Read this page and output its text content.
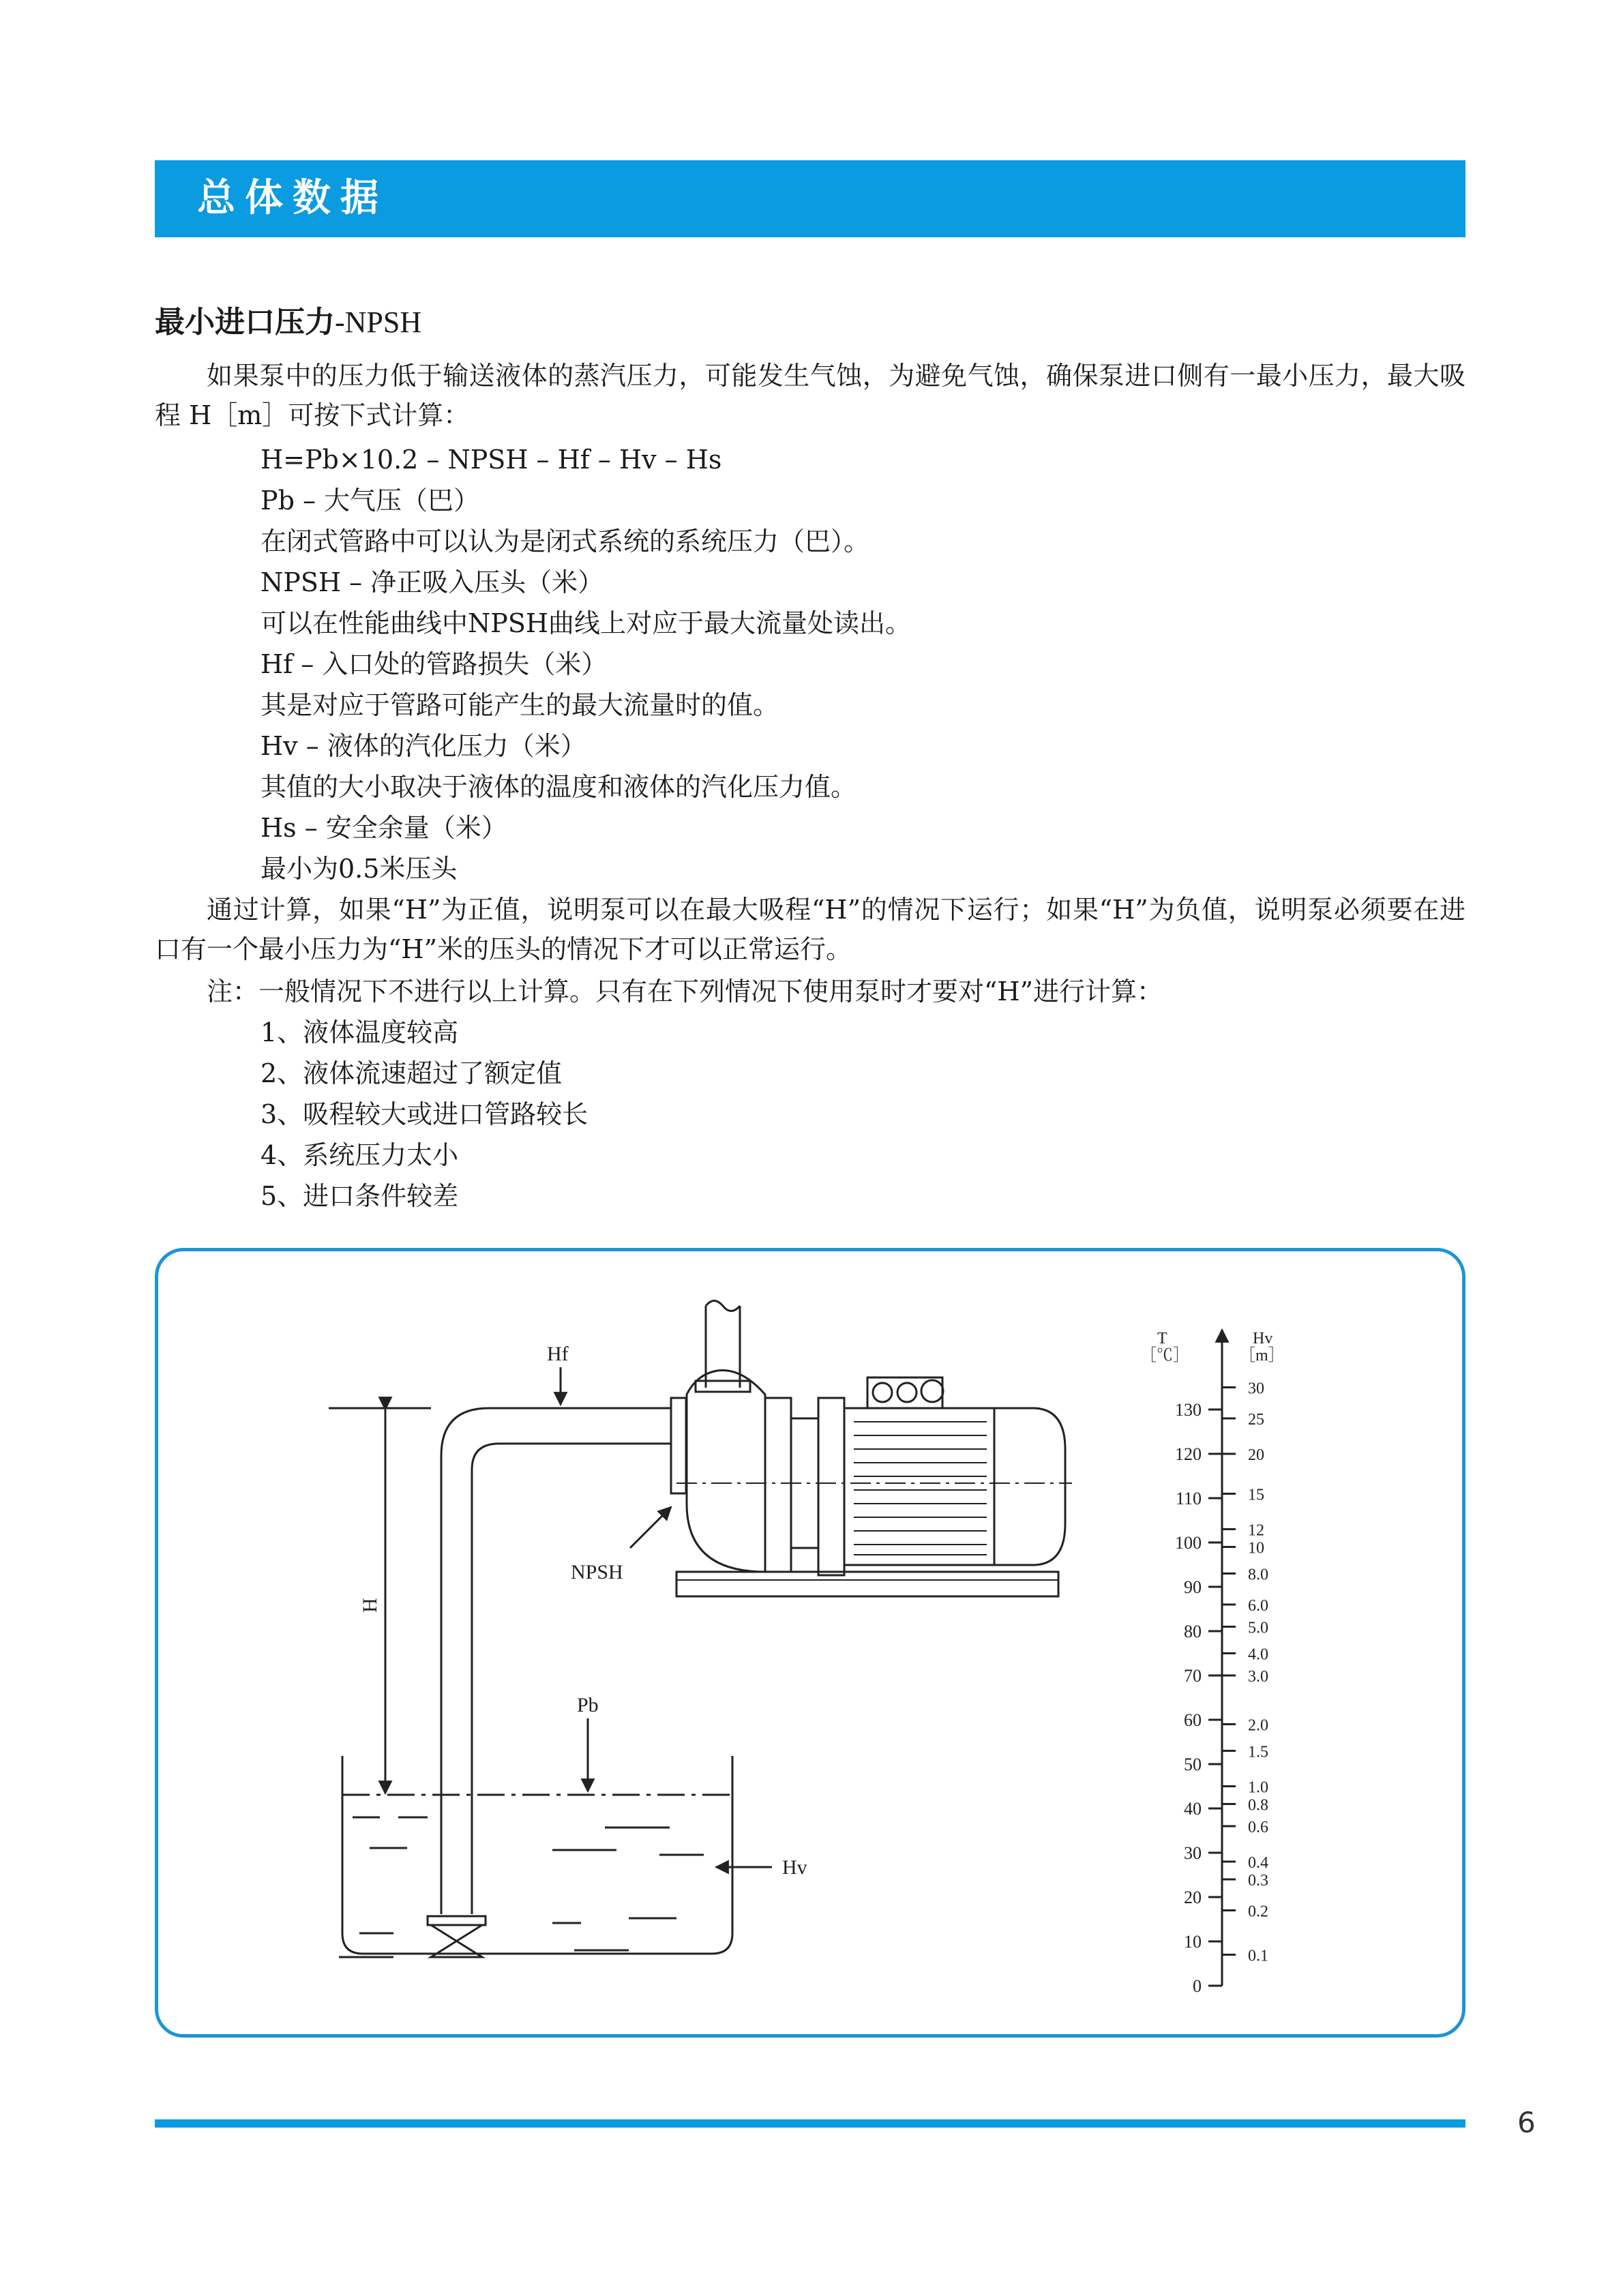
总体数据
最小进口压力-NPSH
如果泵中的压力低于输送液体的蒸汽压力，可能发生气蚀，为避免气蚀，确保泵进口侧有一最小压力，最大吸程 H［m］可按下式计算：
H=Pb×10.2 – NPSH – Hf – Hv – Hs
Pb – 大气压（巴）
在闭式管路中可以认为是闭式系统的系统压力（巴）。
NPSH – 净正吸入压头（米）
可以在性能曲线中NPSH曲线上对应于最大流量处读出。
Hf – 入口处的管路损失（米）
其是对应于管路可能产生的最大流量时的值。
Hv – 液体的汽化压力（米）
其值的大小取决于液体的温度和液体的汽化压力值。
Hs – 安全余量（米）
最小为0.5米压头
通过计算，如果“H”为正值，说明泵可以在最大吸程“H”的情况下运行；如果“H”为负值，说明泵必须要在进口有一个最小压力为“H”米的压头的情况下才可以正常运行。
注：一般情况下不进行以上计算。只有在下列情况下使用泵时才要对“H”进行计算：
1、液体温度较高
2、液体流速超过了额定值
3、吸程较大或进口管路较长
4、系统压力太小
5、进口条件较差
Hf
NPSH
H
Pb
Hv
T
［℃］
Hv
［m］
0
10
20
30
40
50
60
70
80
90
100
110
120
130
0.1
0.2
0.3
0.4
0.6
0.8
1.0
1.5
2.0
3.0
4.0
5.0
6.0
8.0
10
12
15
20
25
30
6
